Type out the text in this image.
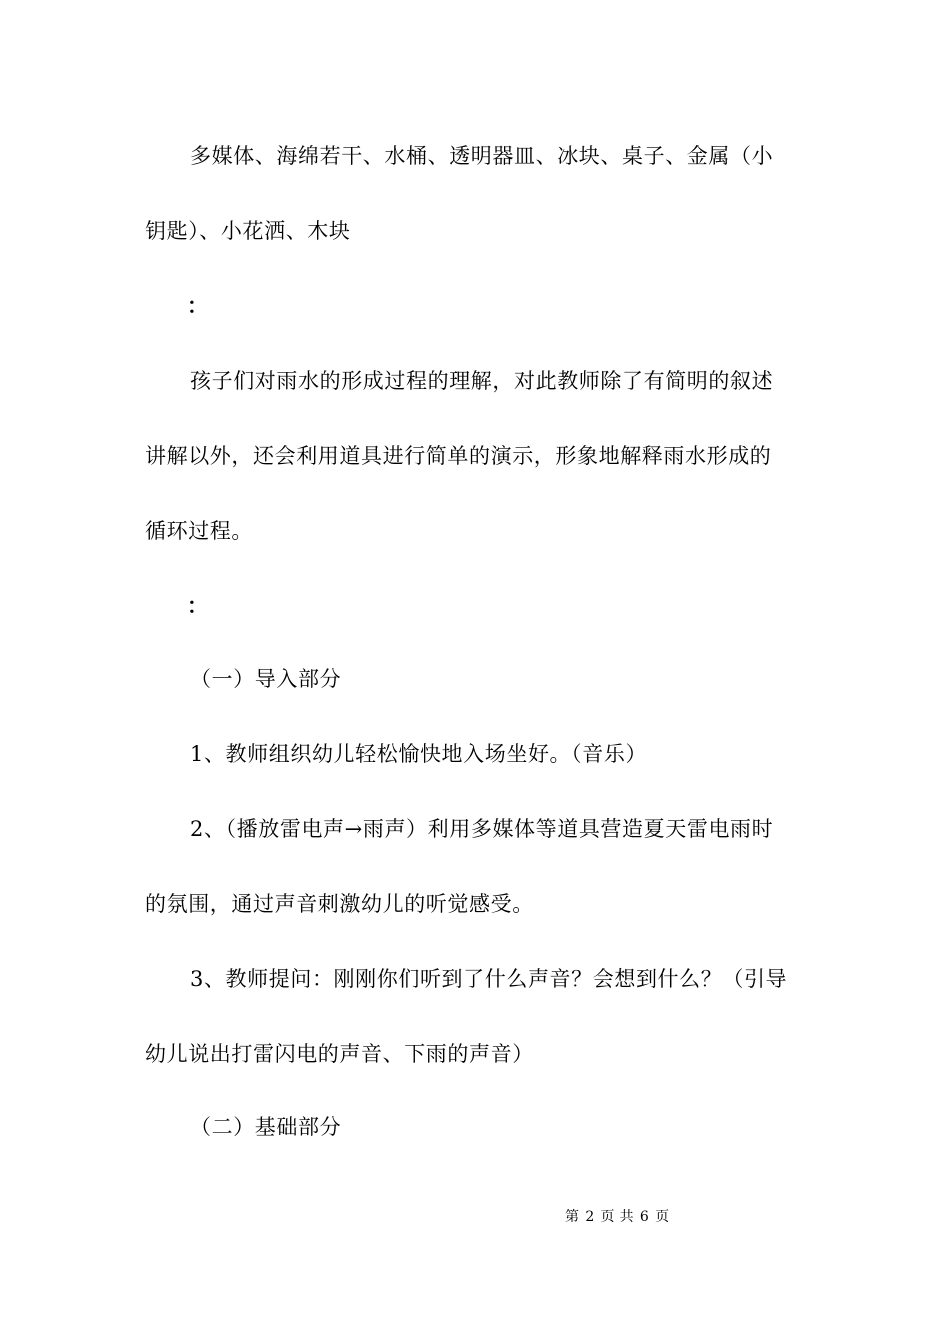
多媒体、海绵若干、水桶、透明器皿、冰块、桌子、金属（小
钥匙）、小花洒、木块
：
孩子们对雨水的形成过程的理解，对此教师除了有简明的叙述
讲解以外，还会利用道具进行简单的演示，形象地解释雨水形成的
循环过程。
：
（一）导入部分
1、教师组织幼儿轻松愉快地入场坐好。（音乐）
2、（播放雷电声→雨声）利用多媒体等道具营造夏天雷电雨时
的氛围，通过声音刺激幼儿的听觉感受。
3、教师提问：刚刚你们听到了什么声音？会想到什么？（引导
幼儿说出打雷闪电的声音、下雨的声音）
（二）基础部分
第 2 页 共 6 页
